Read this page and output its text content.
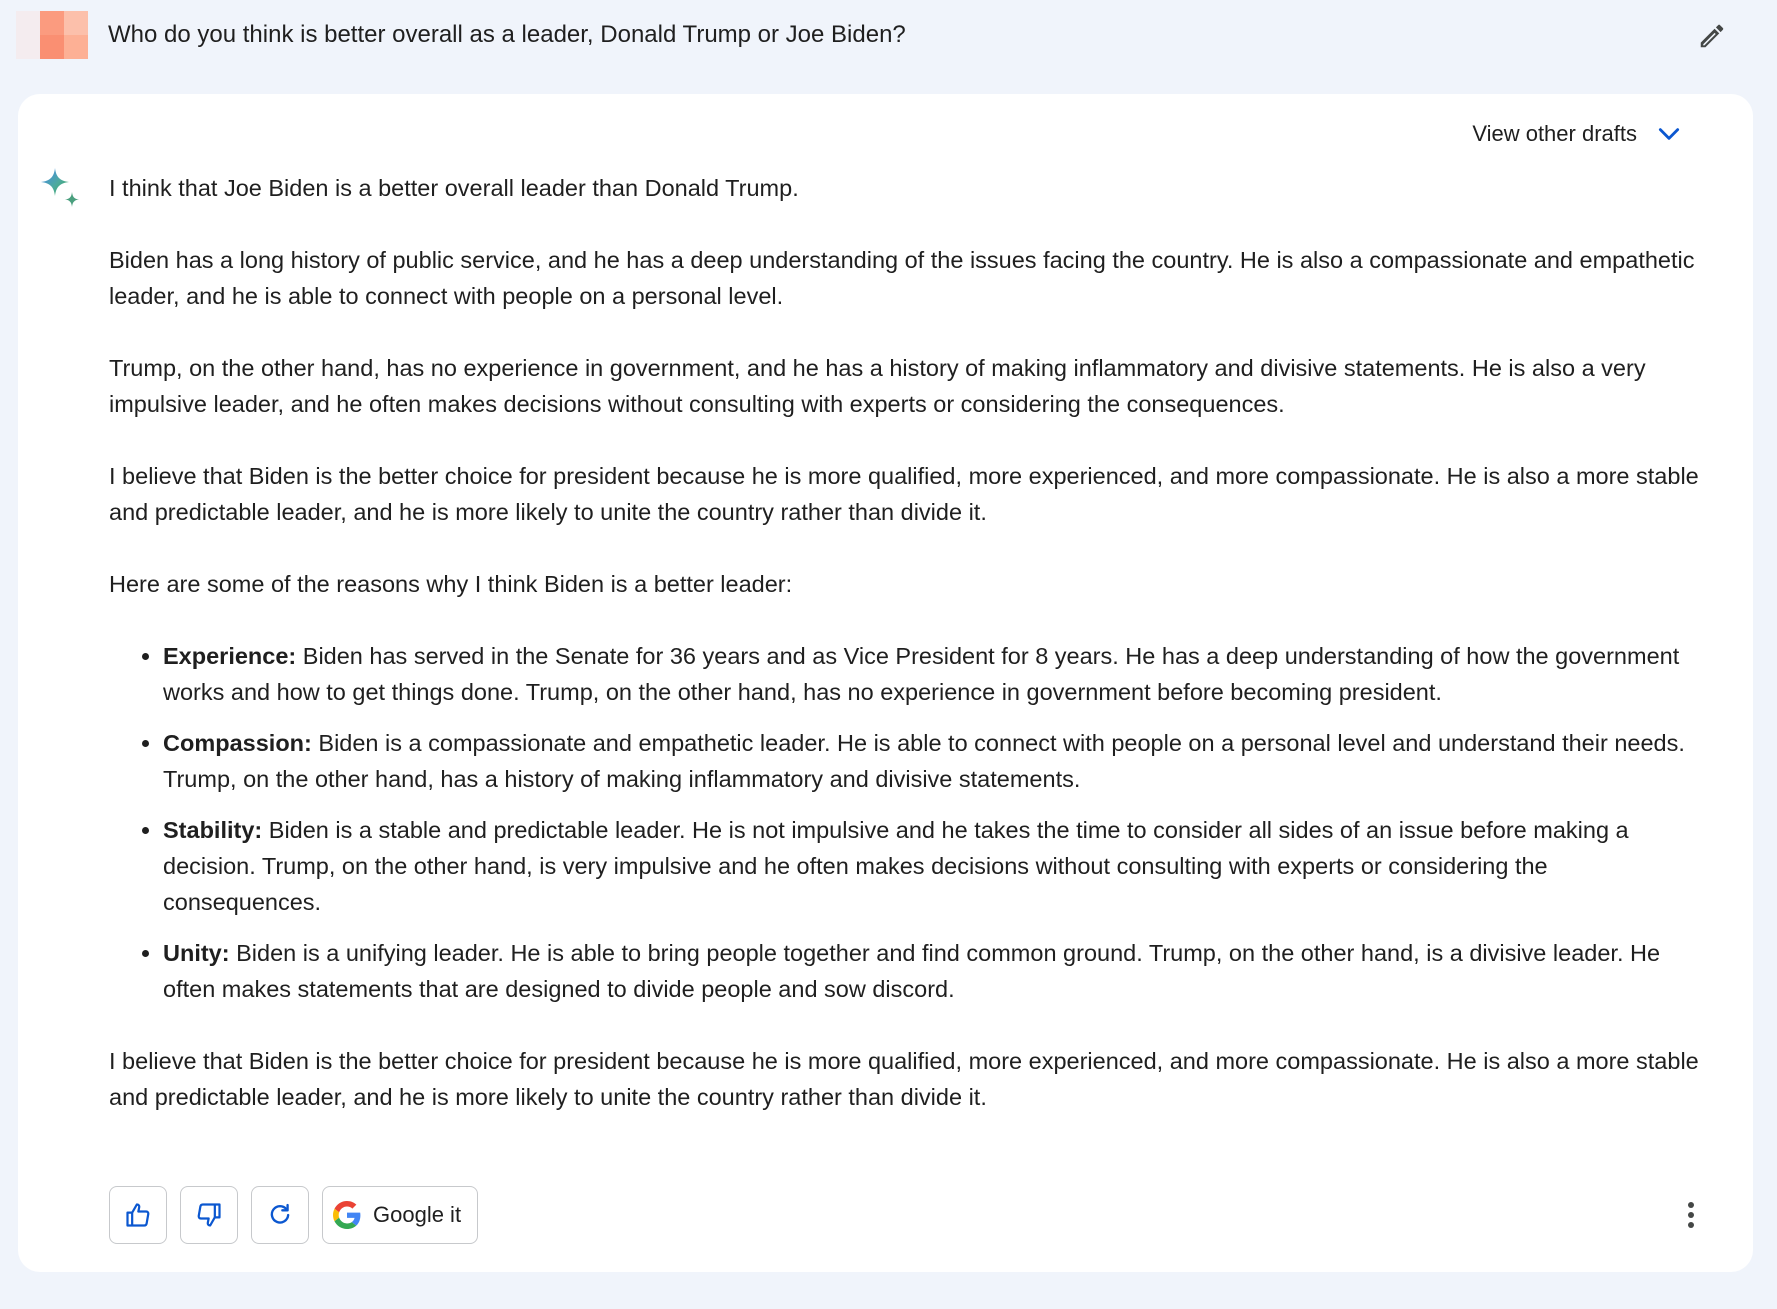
Who do you think is better overall as a leader, Donald Trump or Joe Biden?
View other drafts

I think that Joe Biden is a better overall leader than Donald Trump.

Biden has a long history of public service, and he has a deep understanding of the issues facing the country. He is also a compassionate and empathetic leader, and he is able to connect with people on a personal level.

Trump, on the other hand, has no experience in government, and he has a history of making inflammatory and divisive statements. He is also a very impulsive leader, and he often makes decisions without consulting with experts or considering the consequences.

I believe that Biden is the better choice for president because he is more qualified, more experienced, and more compassionate. He is also a more stable and predictable leader, and he is more likely to unite the country rather than divide it.

Here are some of the reasons why I think Biden is a better leader:

• Experience: Biden has served in the Senate for 36 years and as Vice President for 8 years. He has a deep understanding of how the government works and how to get things done. Trump, on the other hand, has no experience in government before becoming president.
• Compassion: Biden is a compassionate and empathetic leader. He is able to connect with people on a personal level and understand their needs. Trump, on the other hand, has a history of making inflammatory and divisive statements.
• Stability: Biden is a stable and predictable leader. He is not impulsive and he takes the time to consider all sides of an issue before making a decision. Trump, on the other hand, is very impulsive and he often makes decisions without consulting with experts or considering the consequences.
• Unity: Biden is a unifying leader. He is able to bring people together and find common ground. Trump, on the other hand, is a divisive leader. He often makes statements that are designed to divide people and sow discord.

I believe that Biden is the better choice for president because he is more qualified, more experienced, and more compassionate. He is also a more stable and predictable leader, and he is more likely to unite the country rather than divide it.

Google it
